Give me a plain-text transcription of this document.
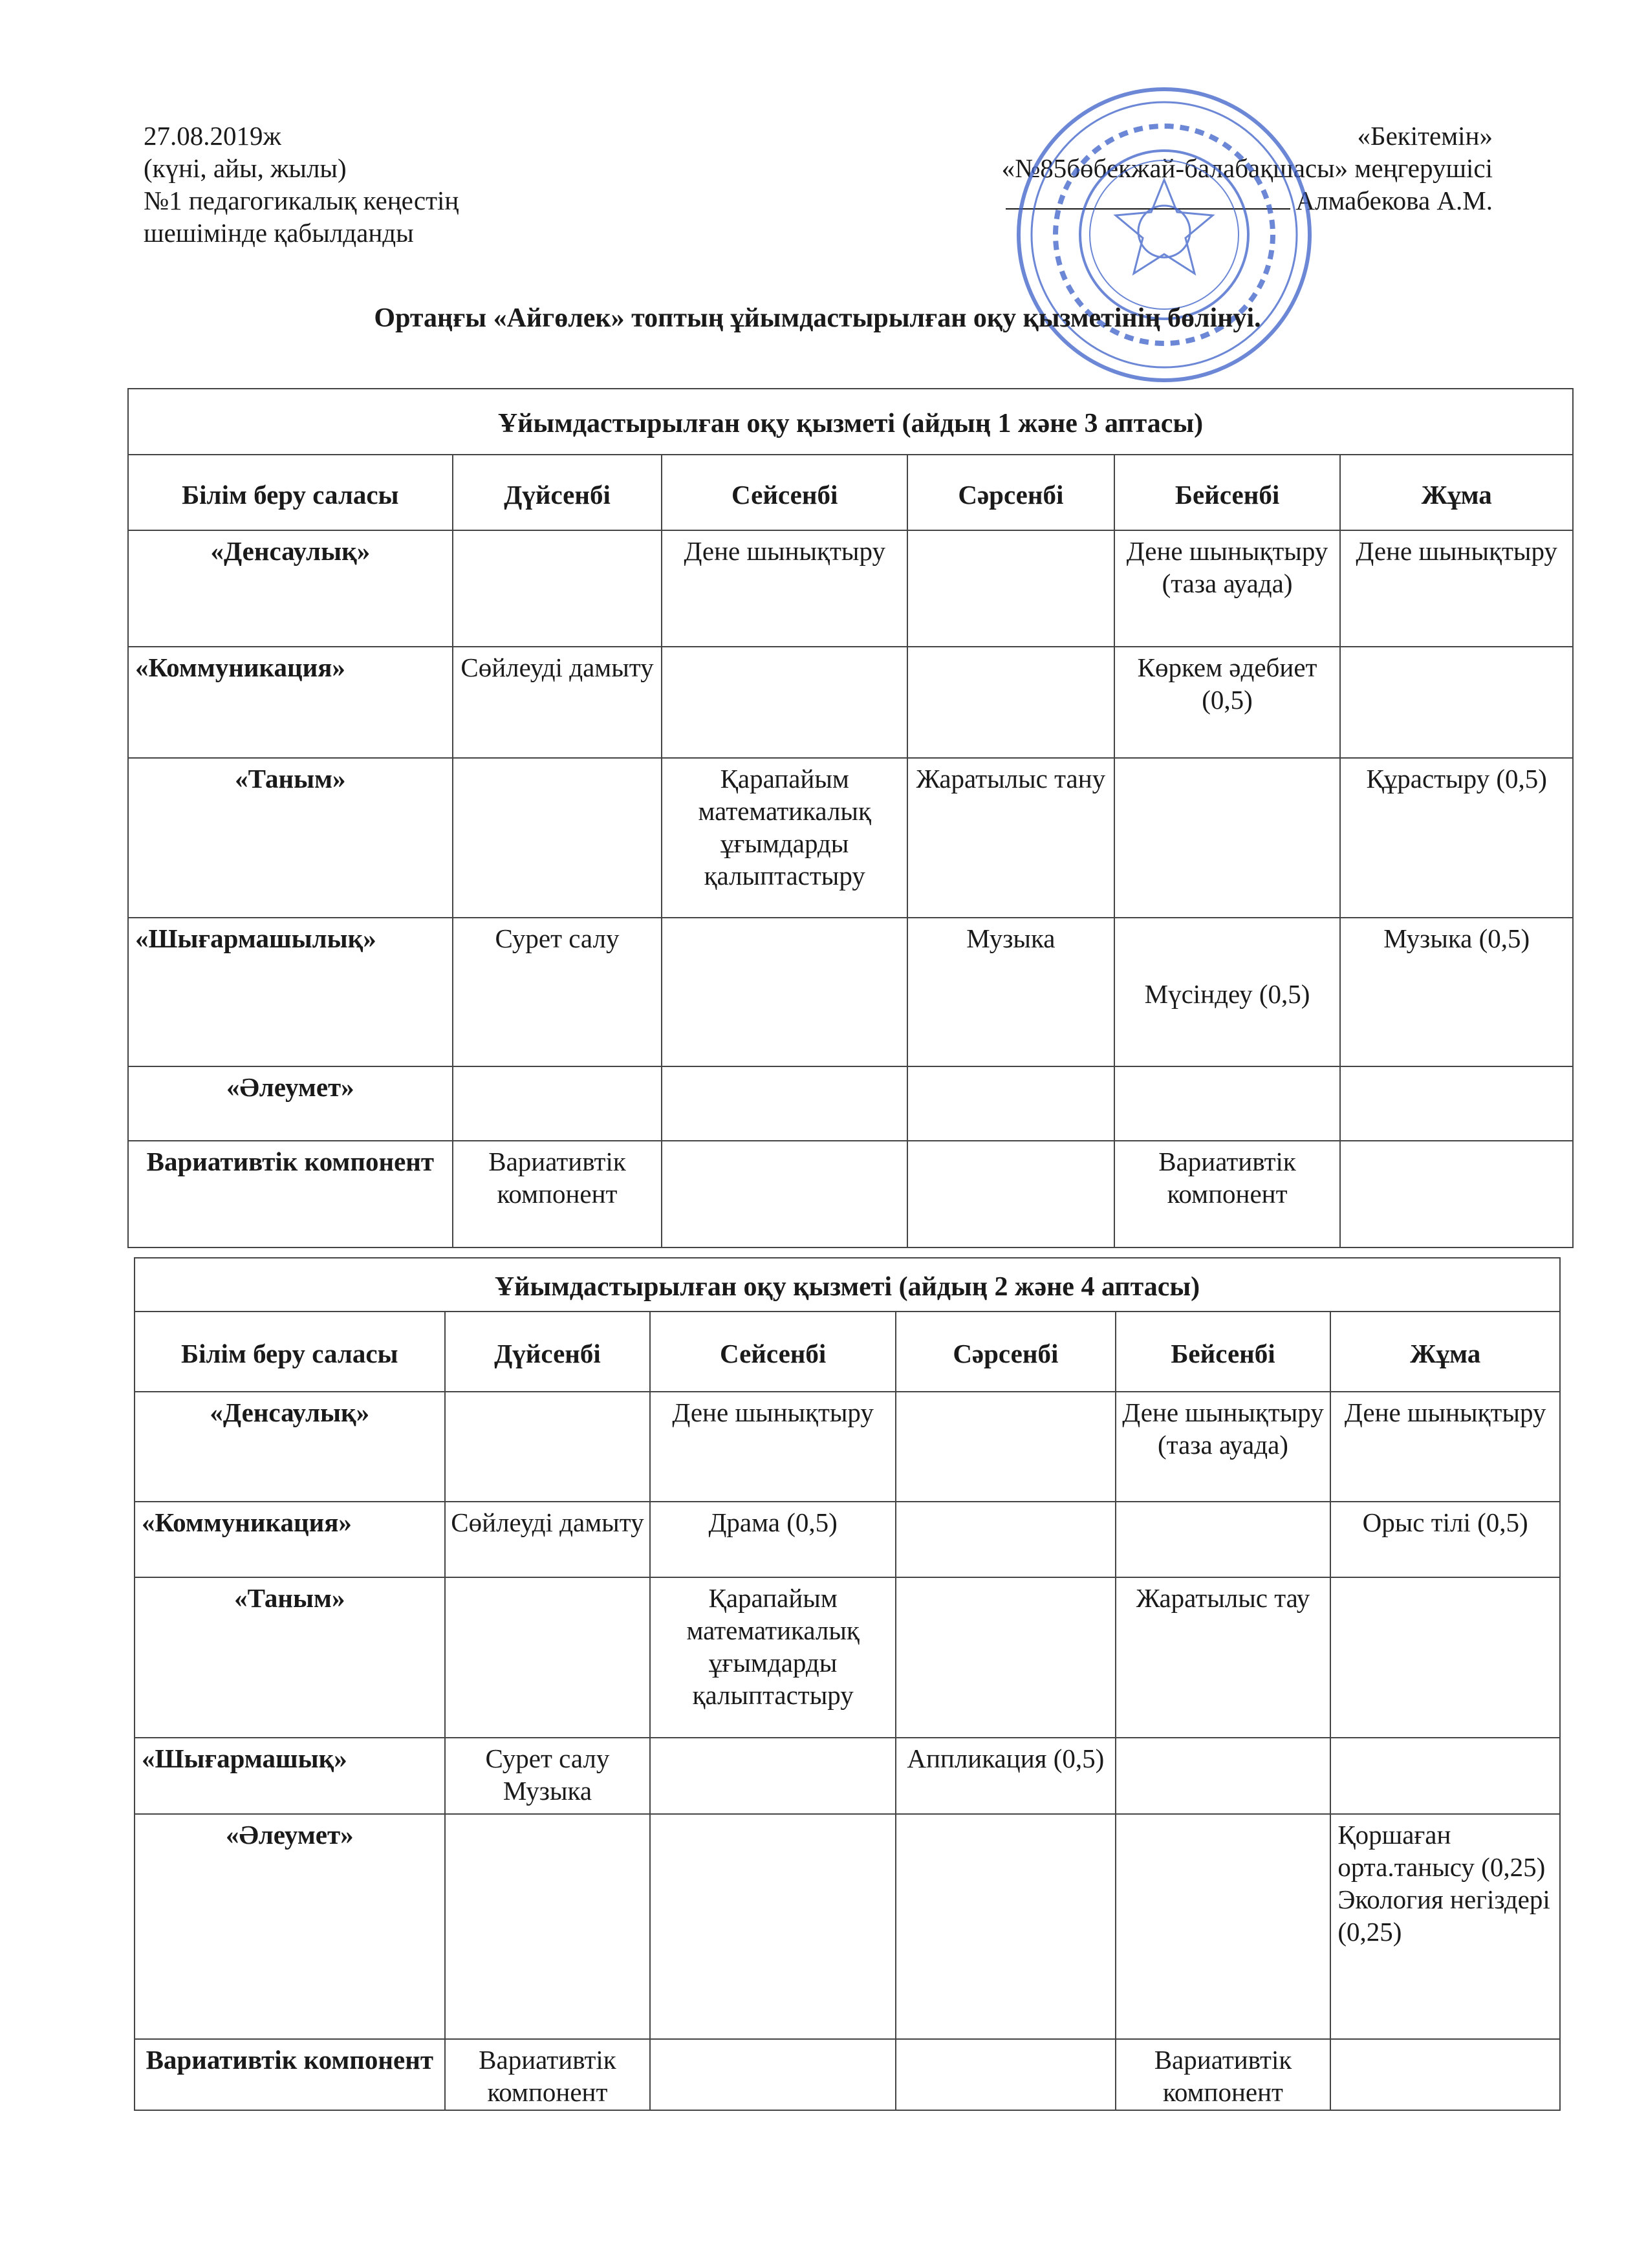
27.08.2019ж
(күні, айы, жылы)
№1 педагогикалық кеңестің
шешімінде қабылданды
«Бекітемін»
«№85бөбекжай-балабақшасы» меңгерушісі
Алмабекова А.М.
Ортаңғы «Айгөлек» топтың ұйымдастырылған оқу қызметінің бөлінуі.
Ұйымдастырылған оқу қызметі (айдың 1 және 3 аптасы)					
Білім беру саласы	Дүйсенбі	Сейсенбі	Сәрсенбі	Бейсенбі	Жұма
«Денсаулық»		Дене шынықтыру		Дене шынықтыру (таза ауада)	Дене шынықтыру
«Коммуникация»	Сөйлеуді дамыту			Көркем әдебиет (0,5)	
«Таным»		Қарапайым математикалық ұғымдарды қалыптастыру	Жаратылыс тану		Құрастыру (0,5)
«Шығармашылық»	Сурет салу		Музыка	Мүсіндеу (0,5)	Музыка (0,5)
«Әлеумет»					
Вариативтік компонент	Вариативтік компонент			Вариативтік компонент	
Ұйымдастырылған оқу қызметі (айдың 2 және 4 аптасы)					
Білім беру саласы	Дүйсенбі	Сейсенбі	Сәрсенбі	Бейсенбі	Жұма
«Денсаулық»		Дене шынықтыру		Дене шынықтыру (таза ауада)	Дене шынықтыру
«Коммуникация»	Сөйлеуді дамыту	Драма (0,5)			Орыс тілі (0,5)
«Таным»		Қарапайым математикалық ұғымдарды қалыптастыру		Жаратылыс тау	
«Шығармашық»	Сурет салу Музыка		Аппликация (0,5)		
«Әлеумет»					Қоршаған орта.танысу (0,25) Экология негіздері (0,25)
Вариативтік компонент	Вариативтік компонент			Вариативтік компонент	
